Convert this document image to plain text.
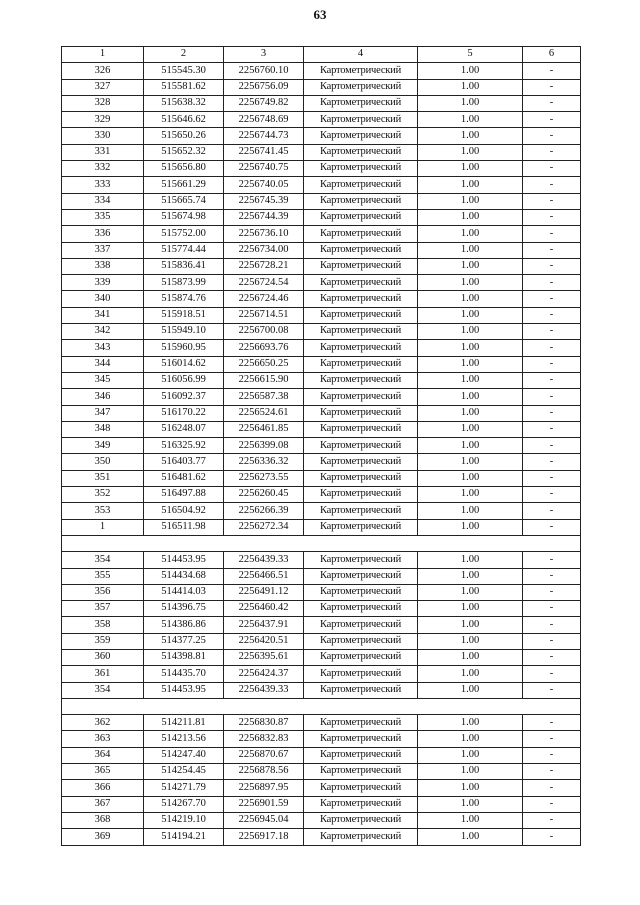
63
1	2	3	4	5	6
326	515545.30	2256760.10	Картометрический	1.00	-
327	515581.62	2256756.09	Картометрический	1.00	-
328	515638.32	2256749.82	Картометрический	1.00	-
329	515646.62	2256748.69	Картометрический	1.00	-
330	515650.26	2256744.73	Картометрический	1.00	-
331	515652.32	2256741.45	Картометрический	1.00	-
332	515656.80	2256740.75	Картометрический	1.00	-
333	515661.29	2256740.05	Картометрический	1.00	-
334	515665.74	2256745.39	Картометрический	1.00	-
335	515674.98	2256744.39	Картометрический	1.00	-
336	515752.00	2256736.10	Картометрический	1.00	-
337	515774.44	2256734.00	Картометрический	1.00	-
338	515836.41	2256728.21	Картометрический	1.00	-
339	515873.99	2256724.54	Картометрический	1.00	-
340	515874.76	2256724.46	Картометрический	1.00	-
341	515918.51	2256714.51	Картометрический	1.00	-
342	515949.10	2256700.08	Картометрический	1.00	-
343	515960.95	2256693.76	Картометрический	1.00	-
344	516014.62	2256650.25	Картометрический	1.00	-
345	516056.99	2256615.90	Картометрический	1.00	-
346	516092.37	2256587.38	Картометрический	1.00	-
347	516170.22	2256524.61	Картометрический	1.00	-
348	516248.07	2256461.85	Картометрический	1.00	-
349	516325.92	2256399.08	Картометрический	1.00	-
350	516403.77	2256336.32	Картометрический	1.00	-
351	516481.62	2256273.55	Картометрический	1.00	-
352	516497.88	2256260.45	Картометрический	1.00	-
353	516504.92	2256266.39	Картометрический	1.00	-
1	516511.98	2256272.34	Картометрический	1.00	-

354	514453.95	2256439.33	Картометрический	1.00	-
355	514434.68	2256466.51	Картометрический	1.00	-
356	514414.03	2256491.12	Картометрический	1.00	-
357	514396.75	2256460.42	Картометрический	1.00	-
358	514386.86	2256437.91	Картометрический	1.00	-
359	514377.25	2256420.51	Картометрический	1.00	-
360	514398.81	2256395.61	Картометрический	1.00	-
361	514435.70	2256424.37	Картометрический	1.00	-
354	514453.95	2256439.33	Картометрический	1.00	-

362	514211.81	2256830.87	Картометрический	1.00	-
363	514213.56	2256832.83	Картометрический	1.00	-
364	514247.40	2256870.67	Картометрический	1.00	-
365	514254.45	2256878.56	Картометрический	1.00	-
366	514271.79	2256897.95	Картометрический	1.00	-
367	514267.70	2256901.59	Картометрический	1.00	-
368	514219.10	2256945.04	Картометрический	1.00	-
369	514194.21	2256917.18	Картометрический	1.00	-
